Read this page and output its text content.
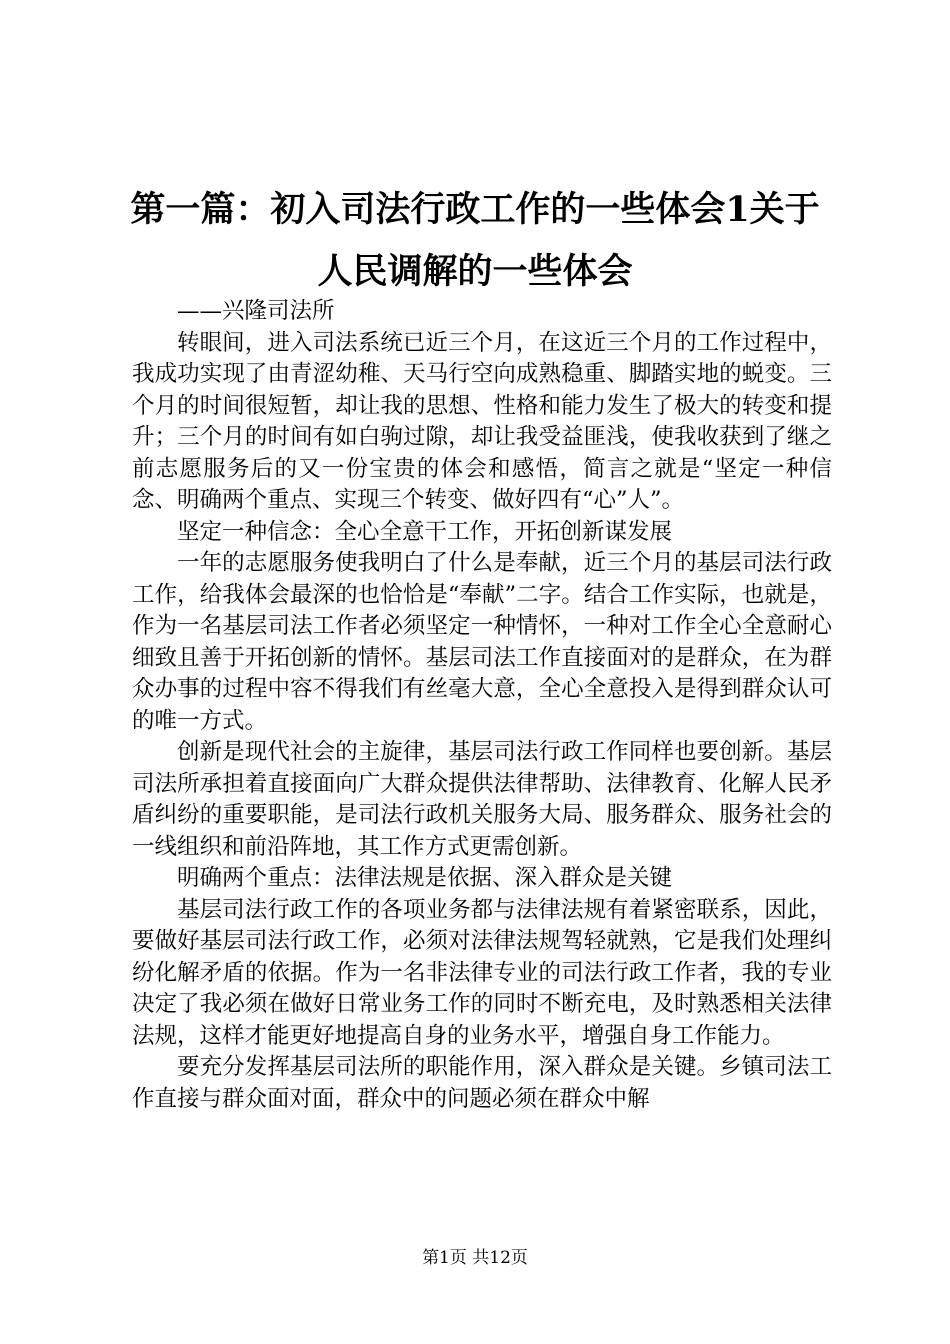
第一篇：初入司法行政工作的一些体会1关于
人民调解的一些体会

——兴隆司法所

转眼间，进入司法系统已近三个月，在这近三个月的工作过程中，我成功实现了由青涩幼稚、天马行空向成熟稳重、脚踏实地的蜕变。三个月的时间很短暂，却让我的思想、性格和能力发生了极大的转变和提升；三个月的时间有如白驹过隙，却让我受益匪浅，使我收获到了继之前志愿服务后的又一份宝贵的体会和感悟，简言之就是“坚定一种信念、明确两个重点、实现三个转变、做好四有“心”人”。

坚定一种信念：全心全意干工作，开拓创新谋发展

一年的志愿服务使我明白了什么是奉献，近三个月的基层司法行政工作，给我体会最深的也恰恰是“奉献”二字。结合工作实际，也就是，作为一名基层司法工作者必须坚定一种情怀，一种对工作全心全意耐心细致且善于开拓创新的情怀。基层司法工作直接面对的是群众，在为群众办事的过程中容不得我们有丝毫大意，全心全意投入是得到群众认可的唯一方式。

创新是现代社会的主旋律，基层司法行政工作同样也要创新。基层司法所承担着直接面向广大群众提供法律帮助、法律教育、化解人民矛盾纠纷的重要职能，是司法行政机关服务大局、服务群众、服务社会的一线组织和前沿阵地，其工作方式更需创新。

明确两个重点：法律法规是依据、深入群众是关键

基层司法行政工作的各项业务都与法律法规有着紧密联系，因此，要做好基层司法行政工作，必须对法律法规驾轻就熟，它是我们处理纠纷化解矛盾的依据。作为一名非法律专业的司法行政工作者，我的专业决定了我必须在做好日常业务工作的同时不断充电，及时熟悉相关法律法规，这样才能更好地提高自身的业务水平，增强自身工作能力。

要充分发挥基层司法所的职能作用，深入群众是关键。乡镇司法工作直接与群众面对面，群众中的问题必须在群众中解

第1页 共12页
